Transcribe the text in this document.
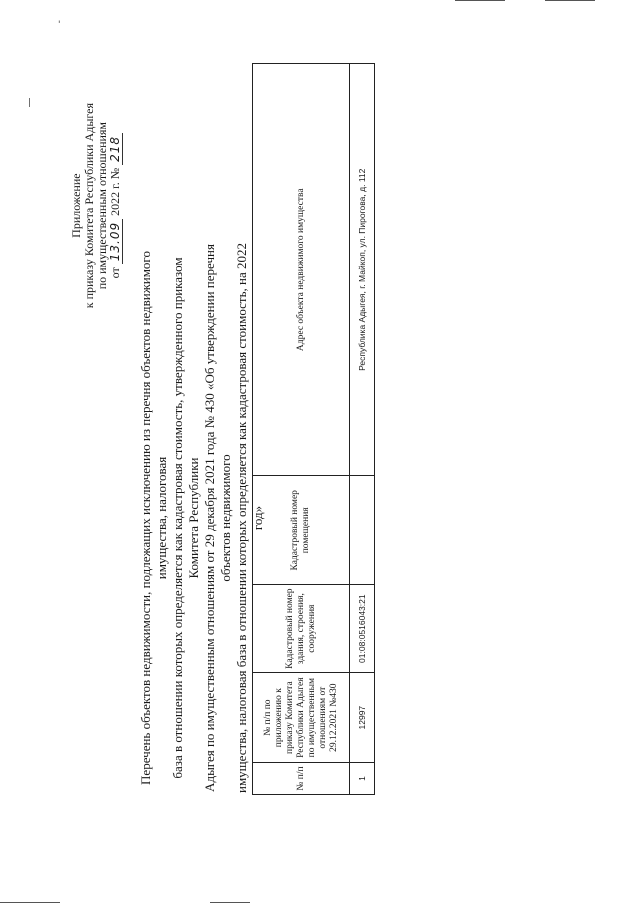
|
'
Приложение к приказу Комитета Республики Адыгея по имущественным отношениям от 13.09 2022 г. № 218
Перечень объектов недвижимости, подлежащих исключению из перечня объектов недвижимого имущества, налоговая база в отношении которых определяется как кадастровая стоимость, утвержденного приказом Комитета Республики Адыгея по имущественным отношениям от 29 декабря 2021 года № 430 «Об утверждении перечня объектов недвижимого имущества, налоговая база в отношении которых определяется как кадастровая стоимость, на 2022 год»
№ п/п	№ п/п по приложению к приказу Комитета Республики Адыгея по имущественным отношениям от 29.12.2021 №430	Кадастровый номер здания, строения, сооружения	Кадастровый номер помещения	Адрес объекта недвижимого имущества
1	12997	01:08:0516043:21		Республика Адыгея, г. Майкоп, ул. Пирогова, д. 112
